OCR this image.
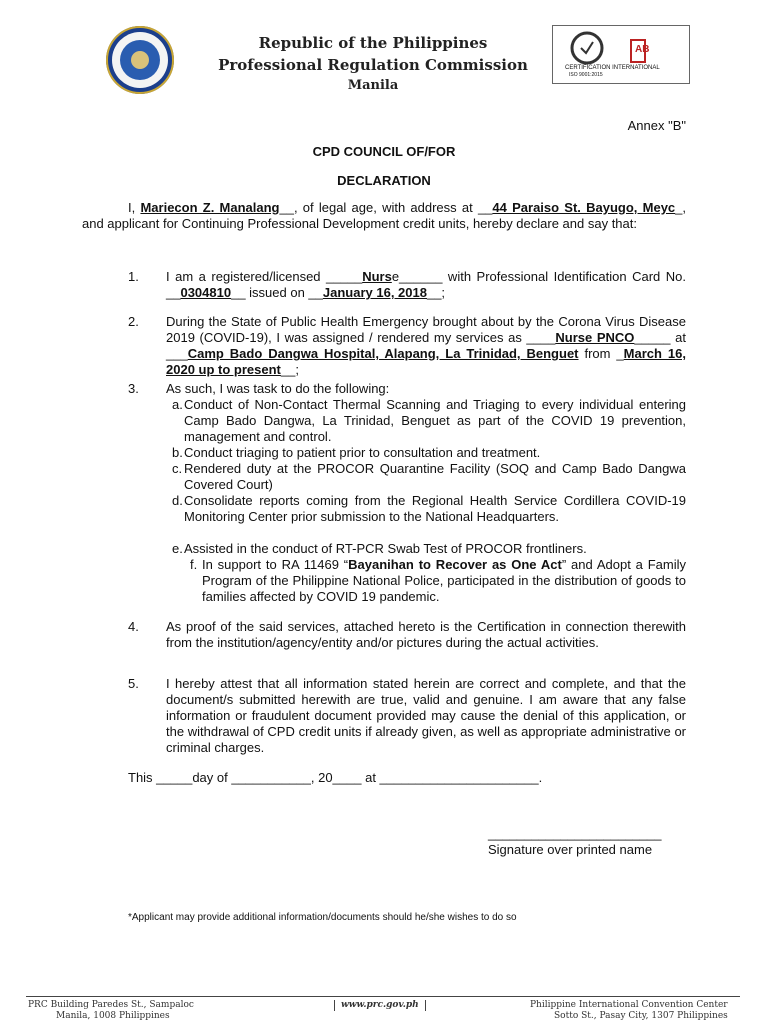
Republic of the Philippines
Professional Regulation Commission
Manila
CERTIFICATION INTERNATIONAL
ISO 9001:2015
AB
Annex "B"
CPD COUNCIL OF/FOR
DECLARATION
I, Mariecon Z. Manalang__, of legal age, with address at __44 Paraiso St. Bayugo, Meyc_, and applicant for Continuing Professional Development credit units, hereby declare and say that:
1. I am a registered/licensed _____Nurse______ with Professional Identification Card No. __0304810__ issued on __January 16, 2018__;
2. During the State of Public Health Emergency brought about by the Corona Virus Disease 2019 (COVID-19), I was assigned / rendered my services as ____Nurse PNCO_____ at ___Camp Bado Dangwa Hospital, Alapang, La Trinidad, Benguet from _March 16, 2020 up to present__;
3. As such, I was task to do the following:
a. Conduct of Non-Contact Thermal Scanning and Triaging to every individual entering Camp Bado Dangwa, La Trinidad, Benguet as part of the COVID 19 prevention, management and control.
b. Conduct triaging to patient prior to consultation and treatment.
c. Rendered duty at the PROCOR Quarantine Facility (SOQ and Camp Bado Dangwa Covered Court)
d. Consolidate reports coming from the Regional Health Service Cordillera COVID-19 Monitoring Center prior submission to the National Headquarters.
e. Assisted in the conduct of RT-PCR Swab Test of PROCOR frontliners.
f. In support to RA 11469 “Bayanihan to Recover as One Act” and Adopt a Family Program of the Philippine National Police, participated in the distribution of goods to families affected by COVID 19 pandemic.
4. As proof of the said services, attached hereto is the Certification in connection therewith from the institution/agency/entity and/or pictures during the actual activities.
5. I hereby attest that all information stated herein are correct and complete, and that the document/s submitted herewith are true, valid and genuine. I am aware that any false information or fraudulent document provided may cause the denial of this application, or the withdrawal of CPD credit units if already given, as well as appropriate administrative or criminal charges.
This _____day of ___________, 20____ at ______________________.
________________________
Signature over printed name
*Applicant may provide additional information/documents should he/she wishes to do so
PRC Building Paredes St., Sampaloc
Manila, 1008 Philippines
www.prc.gov.ph	Philippine International Convention Center
Sotto St., Pasay City, 1307 Philippines
